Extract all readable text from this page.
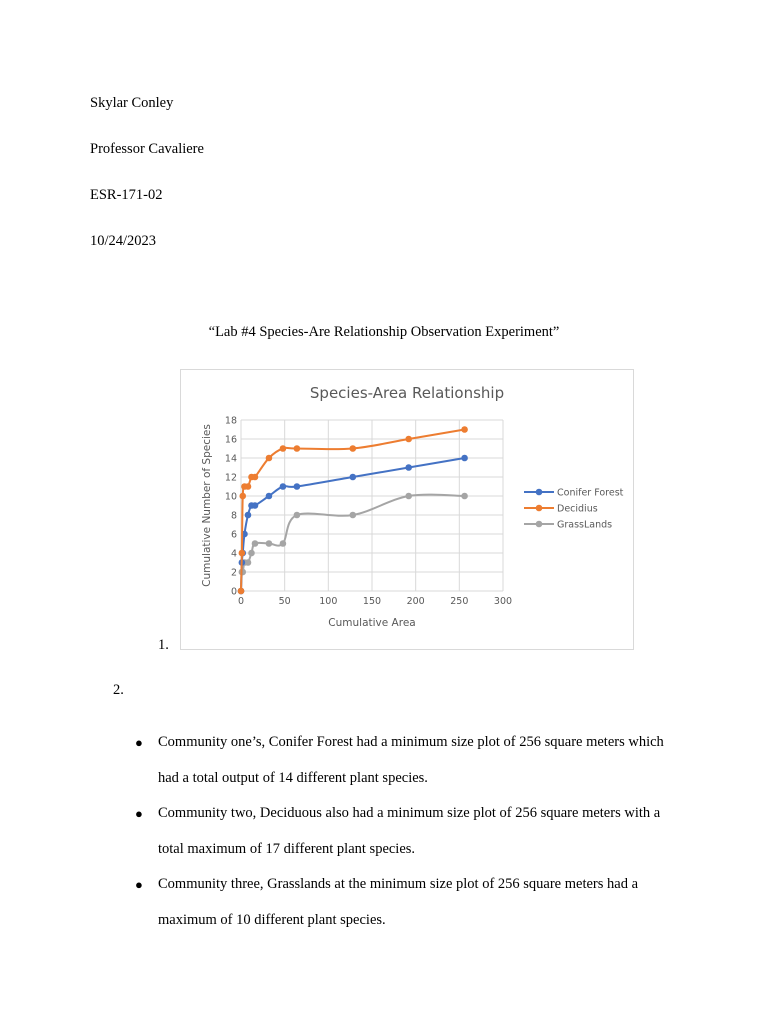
Skylar Conley
Professor Cavaliere
ESR-171-02
10/24/2023
“Lab #4 Species-Are Relationship Observation Experiment”
Species-Area Relationship
0
2
4
6
8
10
12
14
16
18
0	50	100	150	200	250	300
Cumulative Area
Cumulative Number of Species	Conifer Forest
Decidius
GrassLands
1.
2.
● Community one’s, Conifer Forest had a minimum size plot of 256 square meters which had a total output of 14 different plant species.
● Community two, Deciduous also had a minimum size plot of 256 square meters with a total maximum of 17 different plant species.
● Community three, Grasslands at the minimum size plot of 256 square meters had a maximum of 10 different plant species.
